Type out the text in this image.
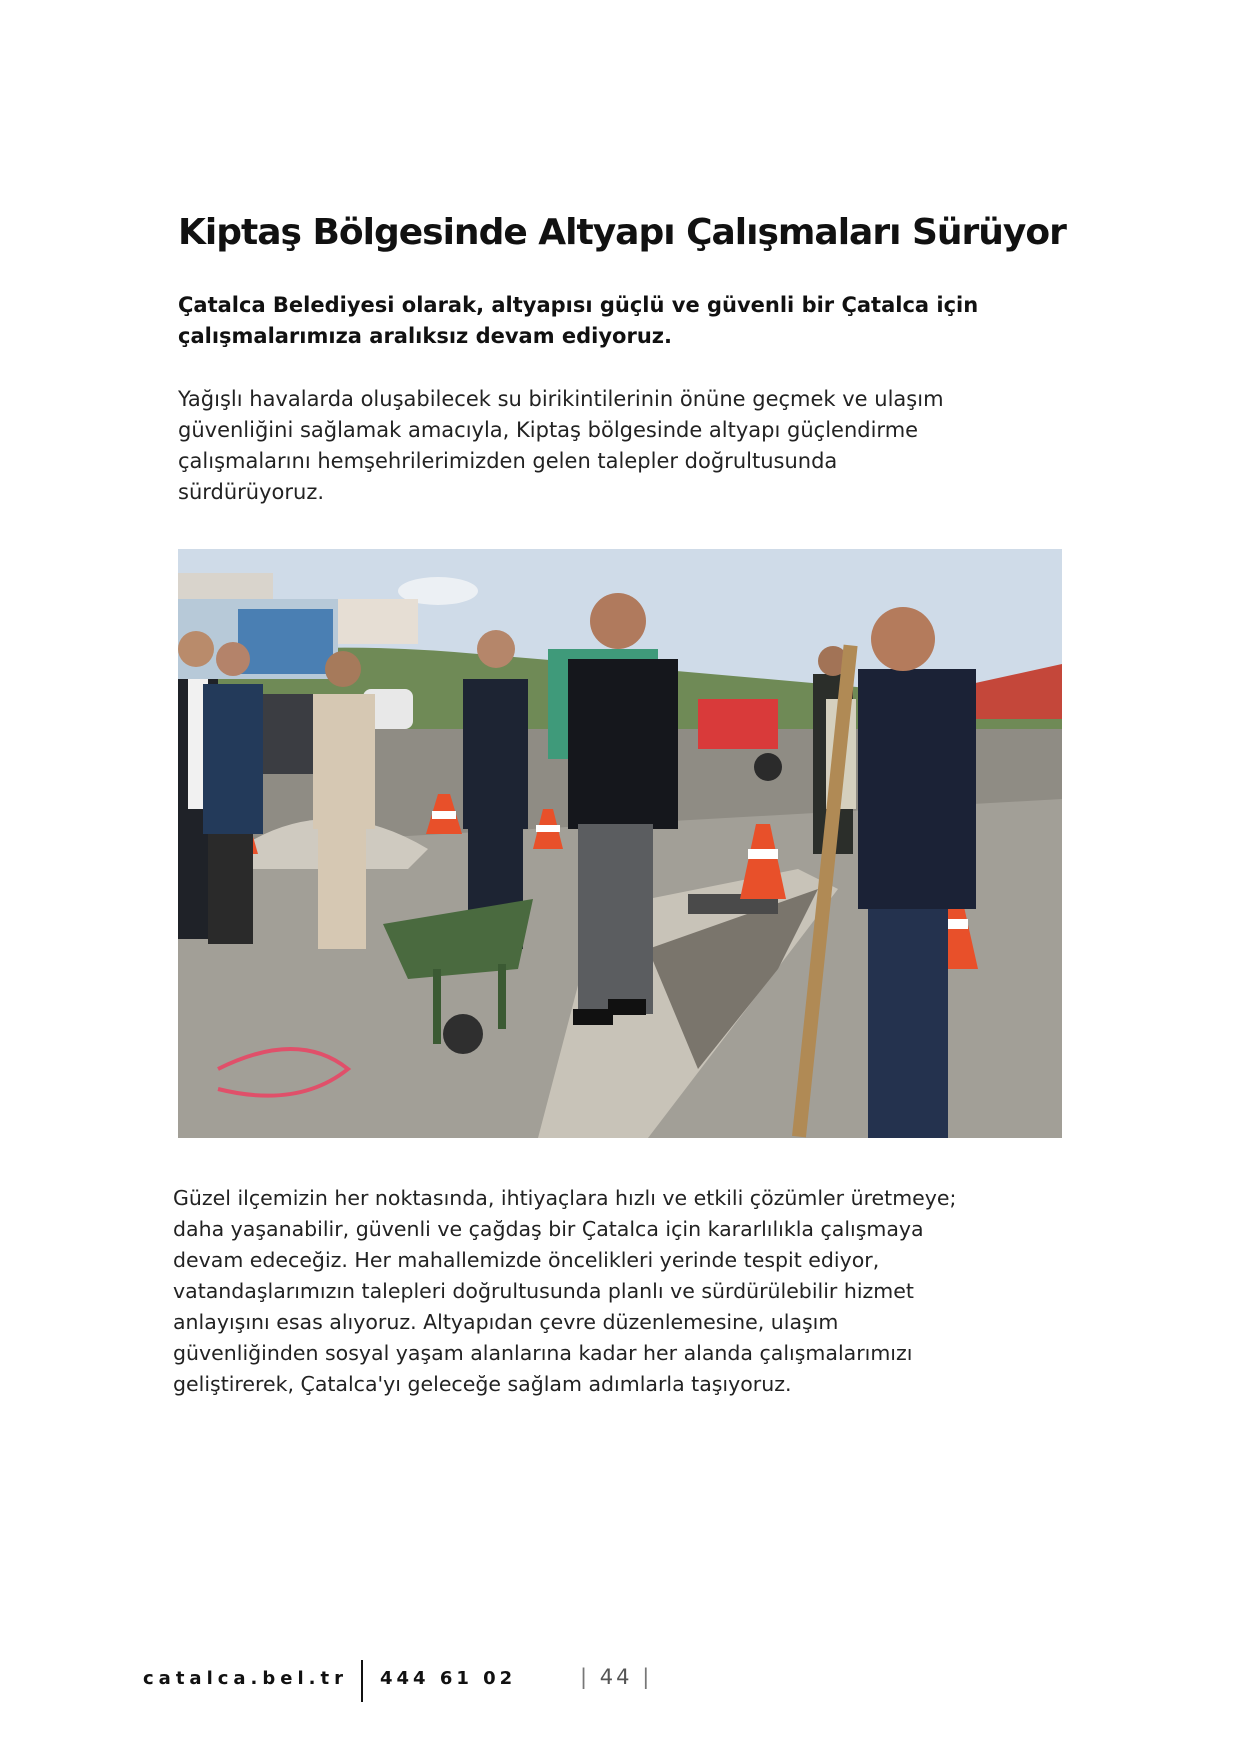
Kiptaş Bölgesinde Altyapı Çalışmaları Sürüyor

Çatalca Belediyesi olarak, altyapısı güçlü ve güvenli bir Çatalca için
çalışmalarımıza aralıksız devam ediyoruz.

Yağışlı havalarda oluşabilecek su birikintilerinin önüne geçmek ve ulaşım
güvenliğini sağlamak amacıyla, Kiptaş bölgesinde altyapı güçlendirme
çalışmalarını hemşehrilerimizden gelen talepler doğrultusunda
sürdürüyoruz.

Güzel ilçemizin her noktasında, ihtiyaçlara hızlı ve etkili çözümler üretmeye;
daha yaşanabilir, güvenli ve çağdaş bir Çatalca için kararlılıkla çalışmaya
devam edeceğiz. Her mahallemizde öncelikleri yerinde tespit ediyor,
vatandaşlarımızın talepleri doğrultusunda planlı ve sürdürülebilir hizmet
anlayışını esas alıyoruz. Altyapıdan çevre düzenlemesine, ulaşım
güvenliğinden sosyal yaşam alanlarına kadar her alanda çalışmalarımızı
geliştirerek, Çatalca'yı geleceğe sağlam adımlarla taşıyoruz.

catalca.bel.tr 444 61 02	| 44 |
